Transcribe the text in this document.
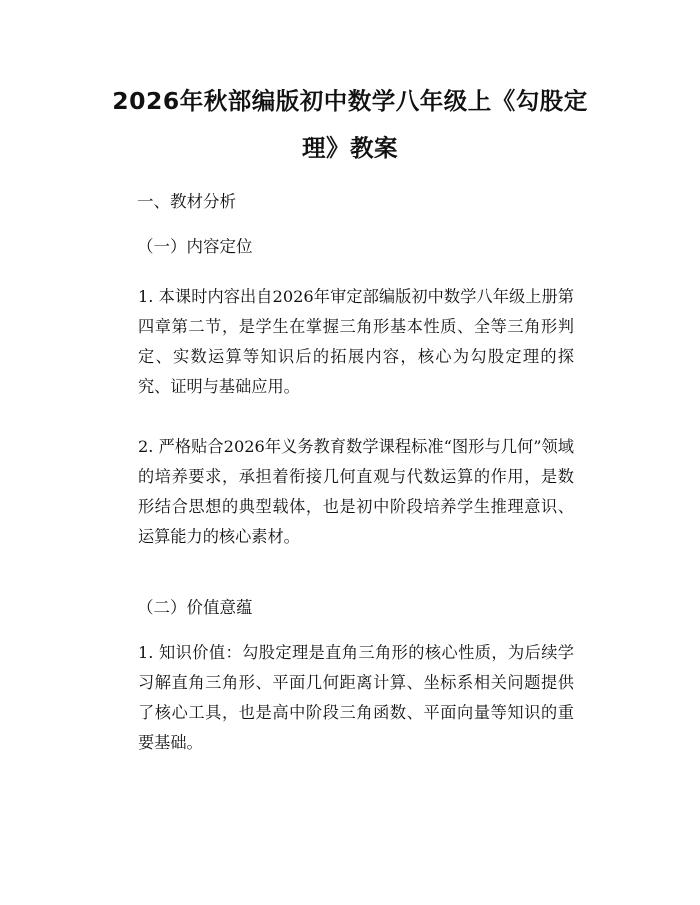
2026年秋部编版初中数学八年级上《勾股定理》教案

一、教材分析

（一）内容定位

1. 本课时内容出自2026年审定部编版初中数学八年级上册第四章第二节，是学生在掌握三角形基本性质、全等三角形判定、实数运算等知识后的拓展内容，核心为勾股定理的探究、证明与基础应用。

2. 严格贴合2026年义务教育数学课程标准“图形与几何”领域的培养要求，承担着衔接几何直观与代数运算的作用，是数形结合思想的典型载体，也是初中阶段培养学生推理意识、运算能力的核心素材。

（二）价值意蕴

1. 知识价值：勾股定理是直角三角形的核心性质，为后续学习解直角三角形、平面几何距离计算、坐标系相关问题提供了核心工具，也是高中阶段三角函数、平面向量等知识的重要基础。
